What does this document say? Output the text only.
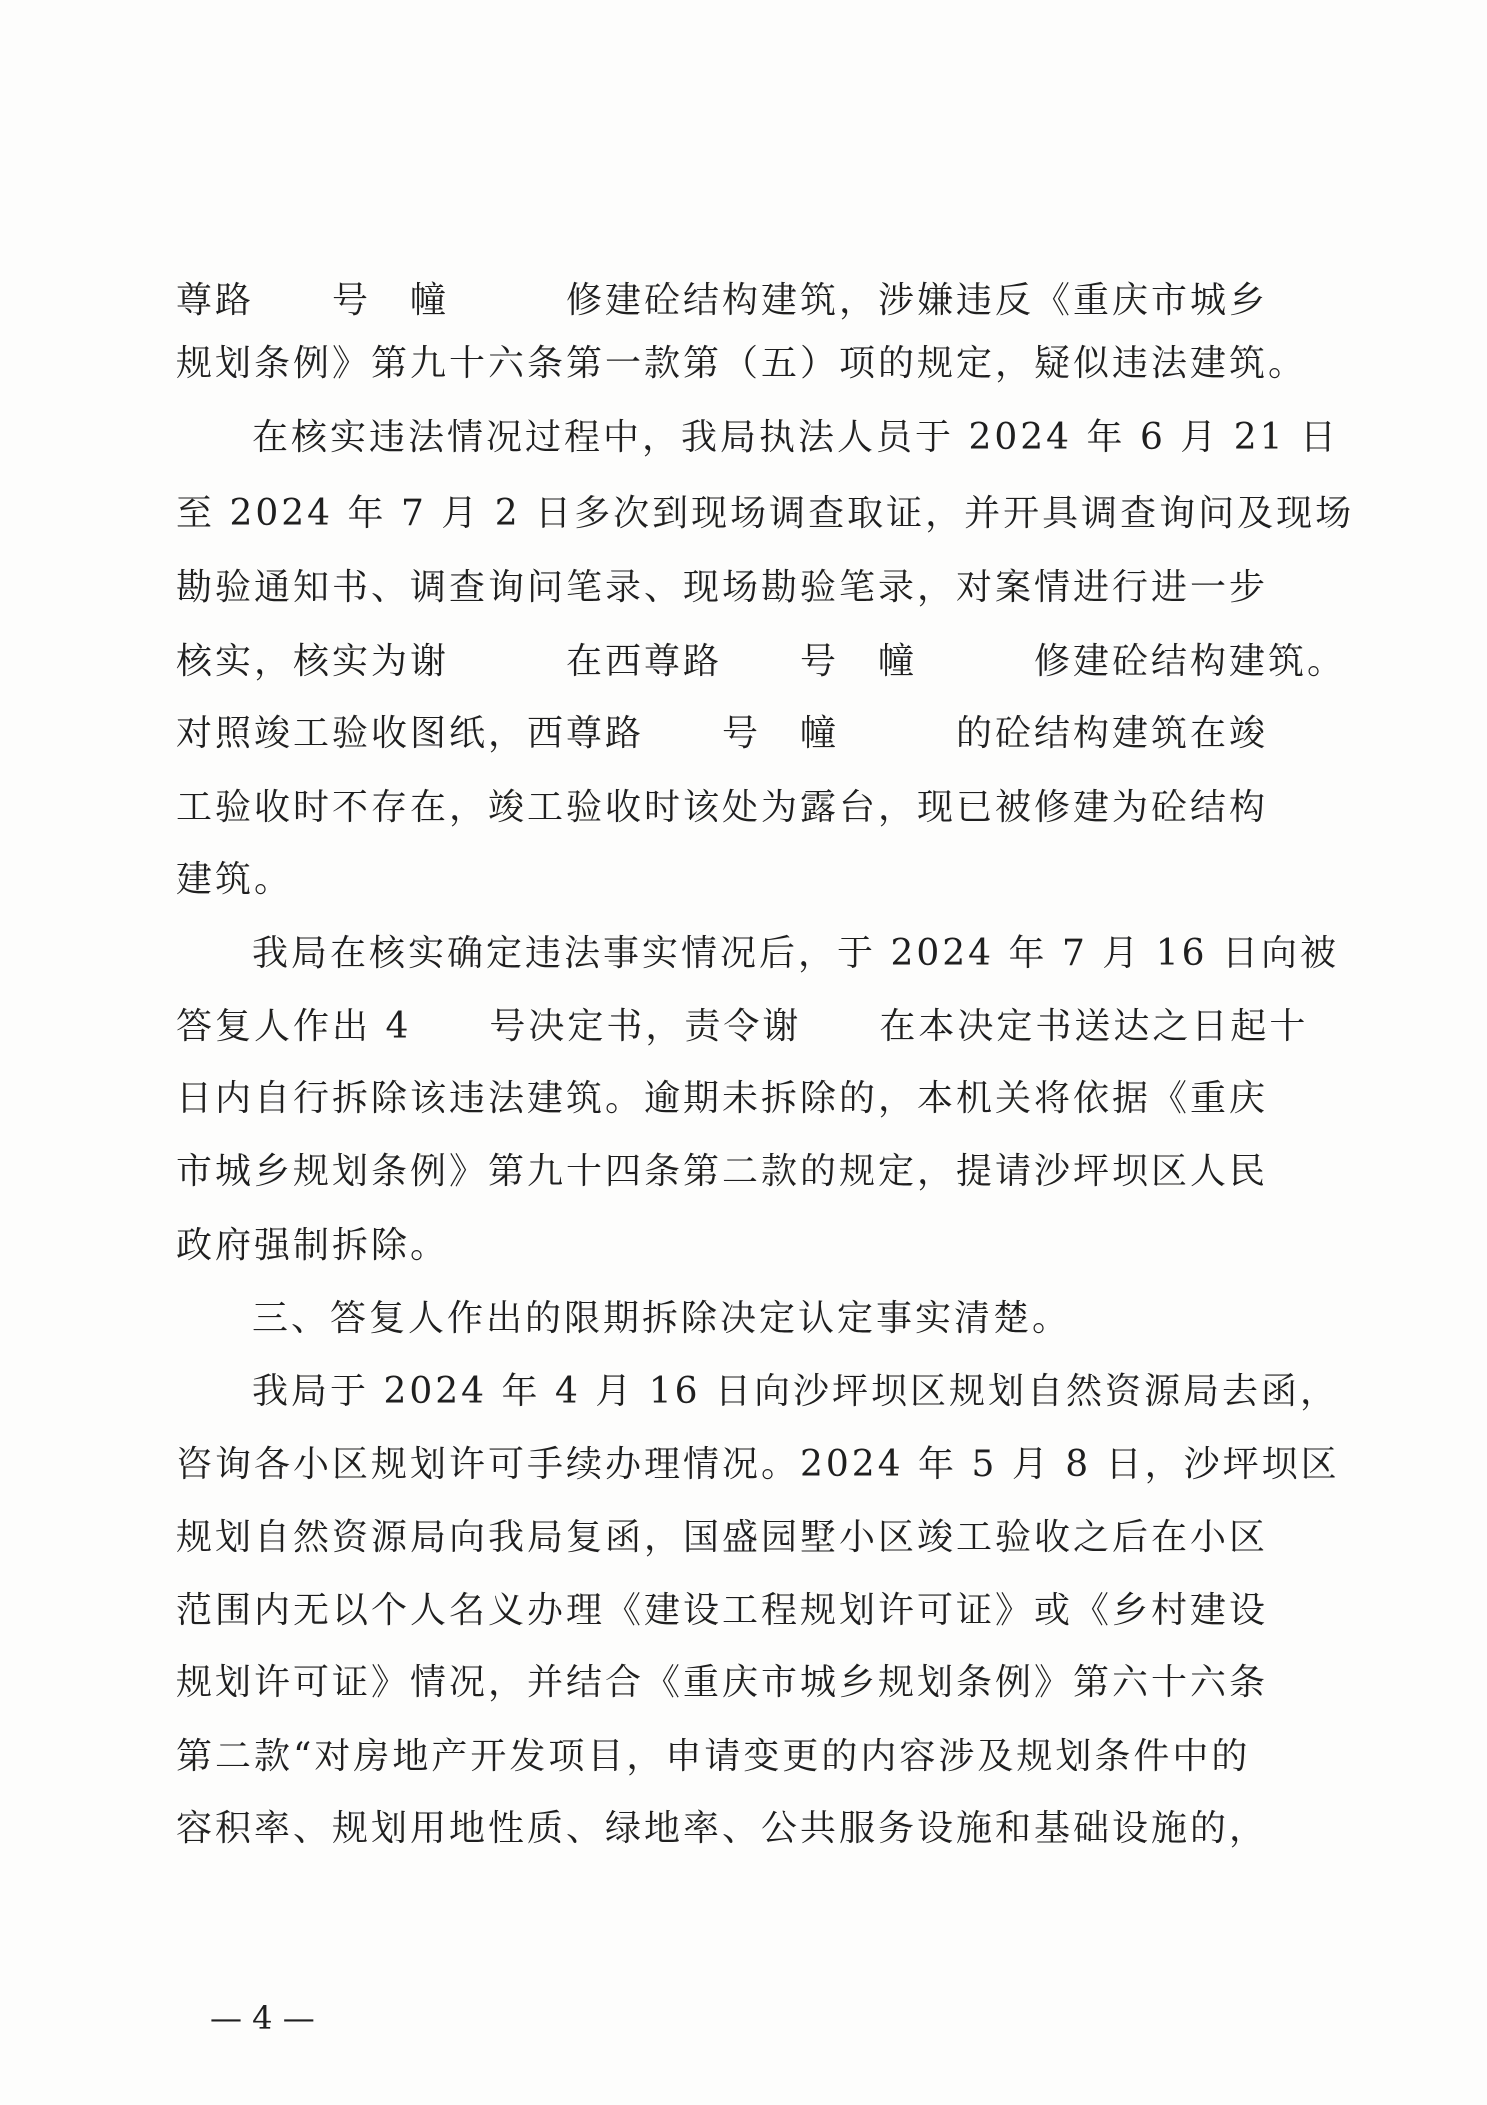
尊路　　号　幢　　　修建砼结构建筑，涉嫌违反《重庆市城乡
规划条例》第九十六条第一款第（五）项的规定，疑似违法建筑。
在核实违法情况过程中，我局执法人员于 2024 年 6 月 21 日
至 2024 年 7 月 2 日多次到现场调查取证，并开具调查询问及现场
勘验通知书、调查询问笔录、现场勘验笔录，对案情进行进一步
核实，核实为谢　　　在西尊路　　号　幢　　　修建砼结构建筑。
对照竣工验收图纸，西尊路　　号　幢　　　的砼结构建筑在竣
工验收时不存在，竣工验收时该处为露台，现已被修建为砼结构
建筑。
我局在核实确定违法事实情况后，于 2024 年 7 月 16 日向被
答复人作出 4　　号决定书，责令谢　　在本决定书送达之日起十
日内自行拆除该违法建筑。逾期未拆除的，本机关将依据《重庆
市城乡规划条例》第九十四条第二款的规定，提请沙坪坝区人民
政府强制拆除。
三、答复人作出的限期拆除决定认定事实清楚。
我局于 2024 年 4 月 16 日向沙坪坝区规划自然资源局去函，
咨询各小区规划许可手续办理情况。2024 年 5 月 8 日，沙坪坝区
规划自然资源局向我局复函，国盛园墅小区竣工验收之后在小区
范围内无以个人名义办理《建设工程规划许可证》或《乡村建设
规划许可证》情况，并结合《重庆市城乡规划条例》第六十六条
第二款“对房地产开发项目，申请变更的内容涉及规划条件中的
容积率、规划用地性质、绿地率、公共服务设施和基础设施的，
— 4 —
